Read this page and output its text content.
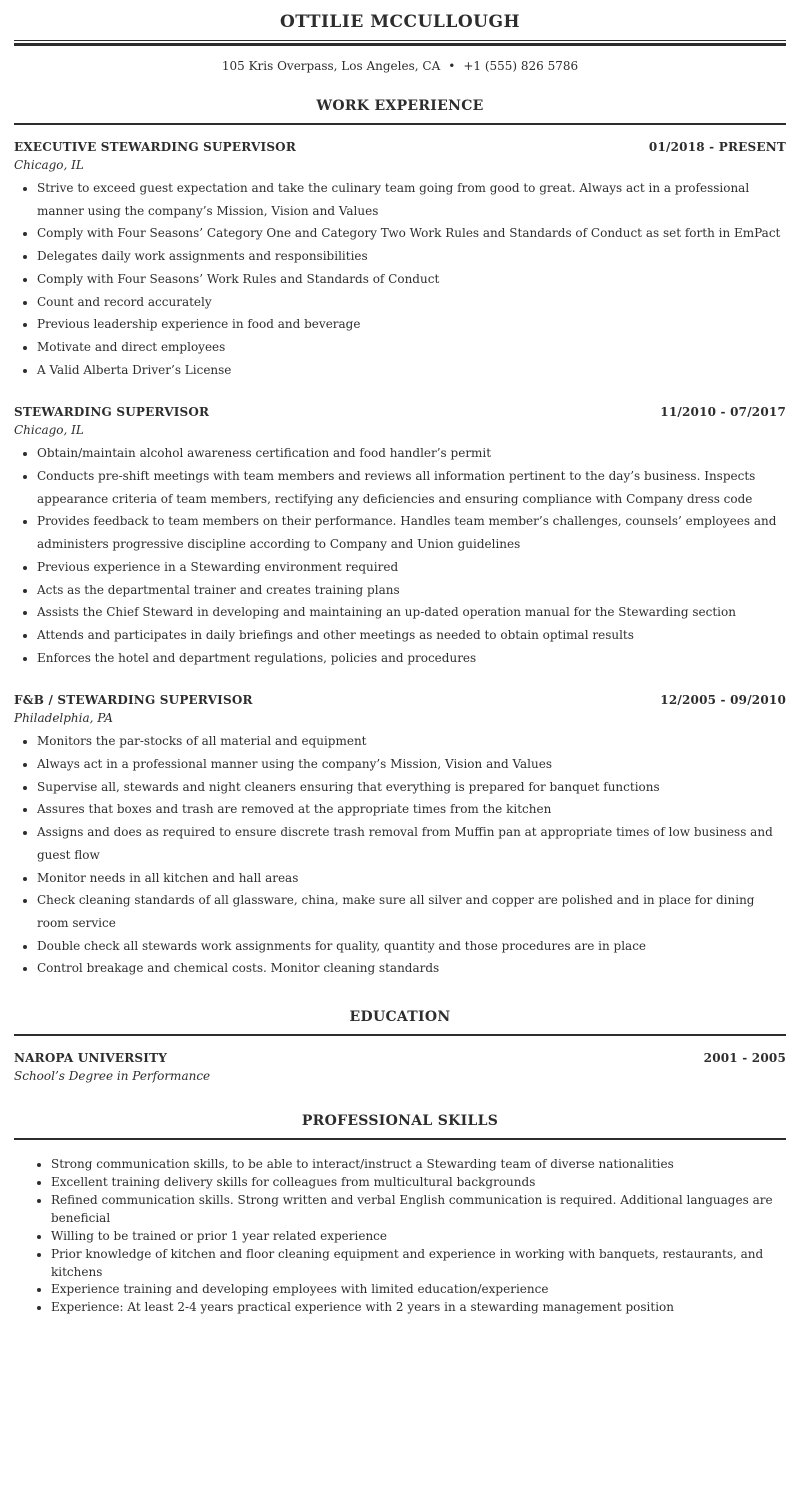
OTTILIE MCCULLOUGH
105 Kris Overpass, Los Angeles, CA • +1 (555) 826 5786
WORK EXPERIENCE
EXECUTIVE STEWARDING SUPERVISOR	01/2018 - PRESENT
Chicago, IL
• Strive to exceed guest expectation and take the culinary team going from good to great. Always act in a professional manner using the company’s Mission, Vision and Values
• Comply with Four Seasons’ Category One and Category Two Work Rules and Standards of Conduct as set forth in EmPact
• Delegates daily work assignments and responsibilities
• Comply with Four Seasons’ Work Rules and Standards of Conduct
• Count and record accurately
• Previous leadership experience in food and beverage
• Motivate and direct employees
• A Valid Alberta Driver’s License
STEWARDING SUPERVISOR	11/2010 - 07/2017
Chicago, IL
• Obtain/maintain alcohol awareness certification and food handler’s permit
• Conducts pre-shift meetings with team members and reviews all information pertinent to the day’s business. Inspects appearance criteria of team members, rectifying any deficiencies and ensuring compliance with Company dress code
• Provides feedback to team members on their performance. Handles team member’s challenges, counsels’ employees and administers progressive discipline according to Company and Union guidelines
• Previous experience in a Stewarding environment required
• Acts as the departmental trainer and creates training plans
• Assists the Chief Steward in developing and maintaining an up-dated operation manual for the Stewarding section
• Attends and participates in daily briefings and other meetings as needed to obtain optimal results
• Enforces the hotel and department regulations, policies and procedures
F&B / STEWARDING SUPERVISOR	12/2005 - 09/2010
Philadelphia, PA
• Monitors the par-stocks of all material and equipment
• Always act in a professional manner using the company’s Mission, Vision and Values
• Supervise all, stewards and night cleaners ensuring that everything is prepared for banquet functions
• Assures that boxes and trash are removed at the appropriate times from the kitchen
• Assigns and does as required to ensure discrete trash removal from Muffin pan at appropriate times of low business and guest flow
• Monitor needs in all kitchen and hall areas
• Check cleaning standards of all glassware, china, make sure all silver and copper are polished and in place for dining room service
• Double check all stewards work assignments for quality, quantity and those procedures are in place
• Control breakage and chemical costs. Monitor cleaning standards
EDUCATION
NAROPA UNIVERSITY	2001 - 2005
School’s Degree in Performance
PROFESSIONAL SKILLS
• Strong communication skills, to be able to interact/instruct a Stewarding team of diverse nationalities
• Excellent training delivery skills for colleagues from multicultural backgrounds
• Refined communication skills. Strong written and verbal English communication is required. Additional languages are beneficial
• Willing to be trained or prior 1 year related experience
• Prior knowledge of kitchen and floor cleaning equipment and experience in working with banquets, restaurants, and kitchens
• Experience training and developing employees with limited education/experience
• Experience: At least 2-4 years practical experience with 2 years in a stewarding management position
